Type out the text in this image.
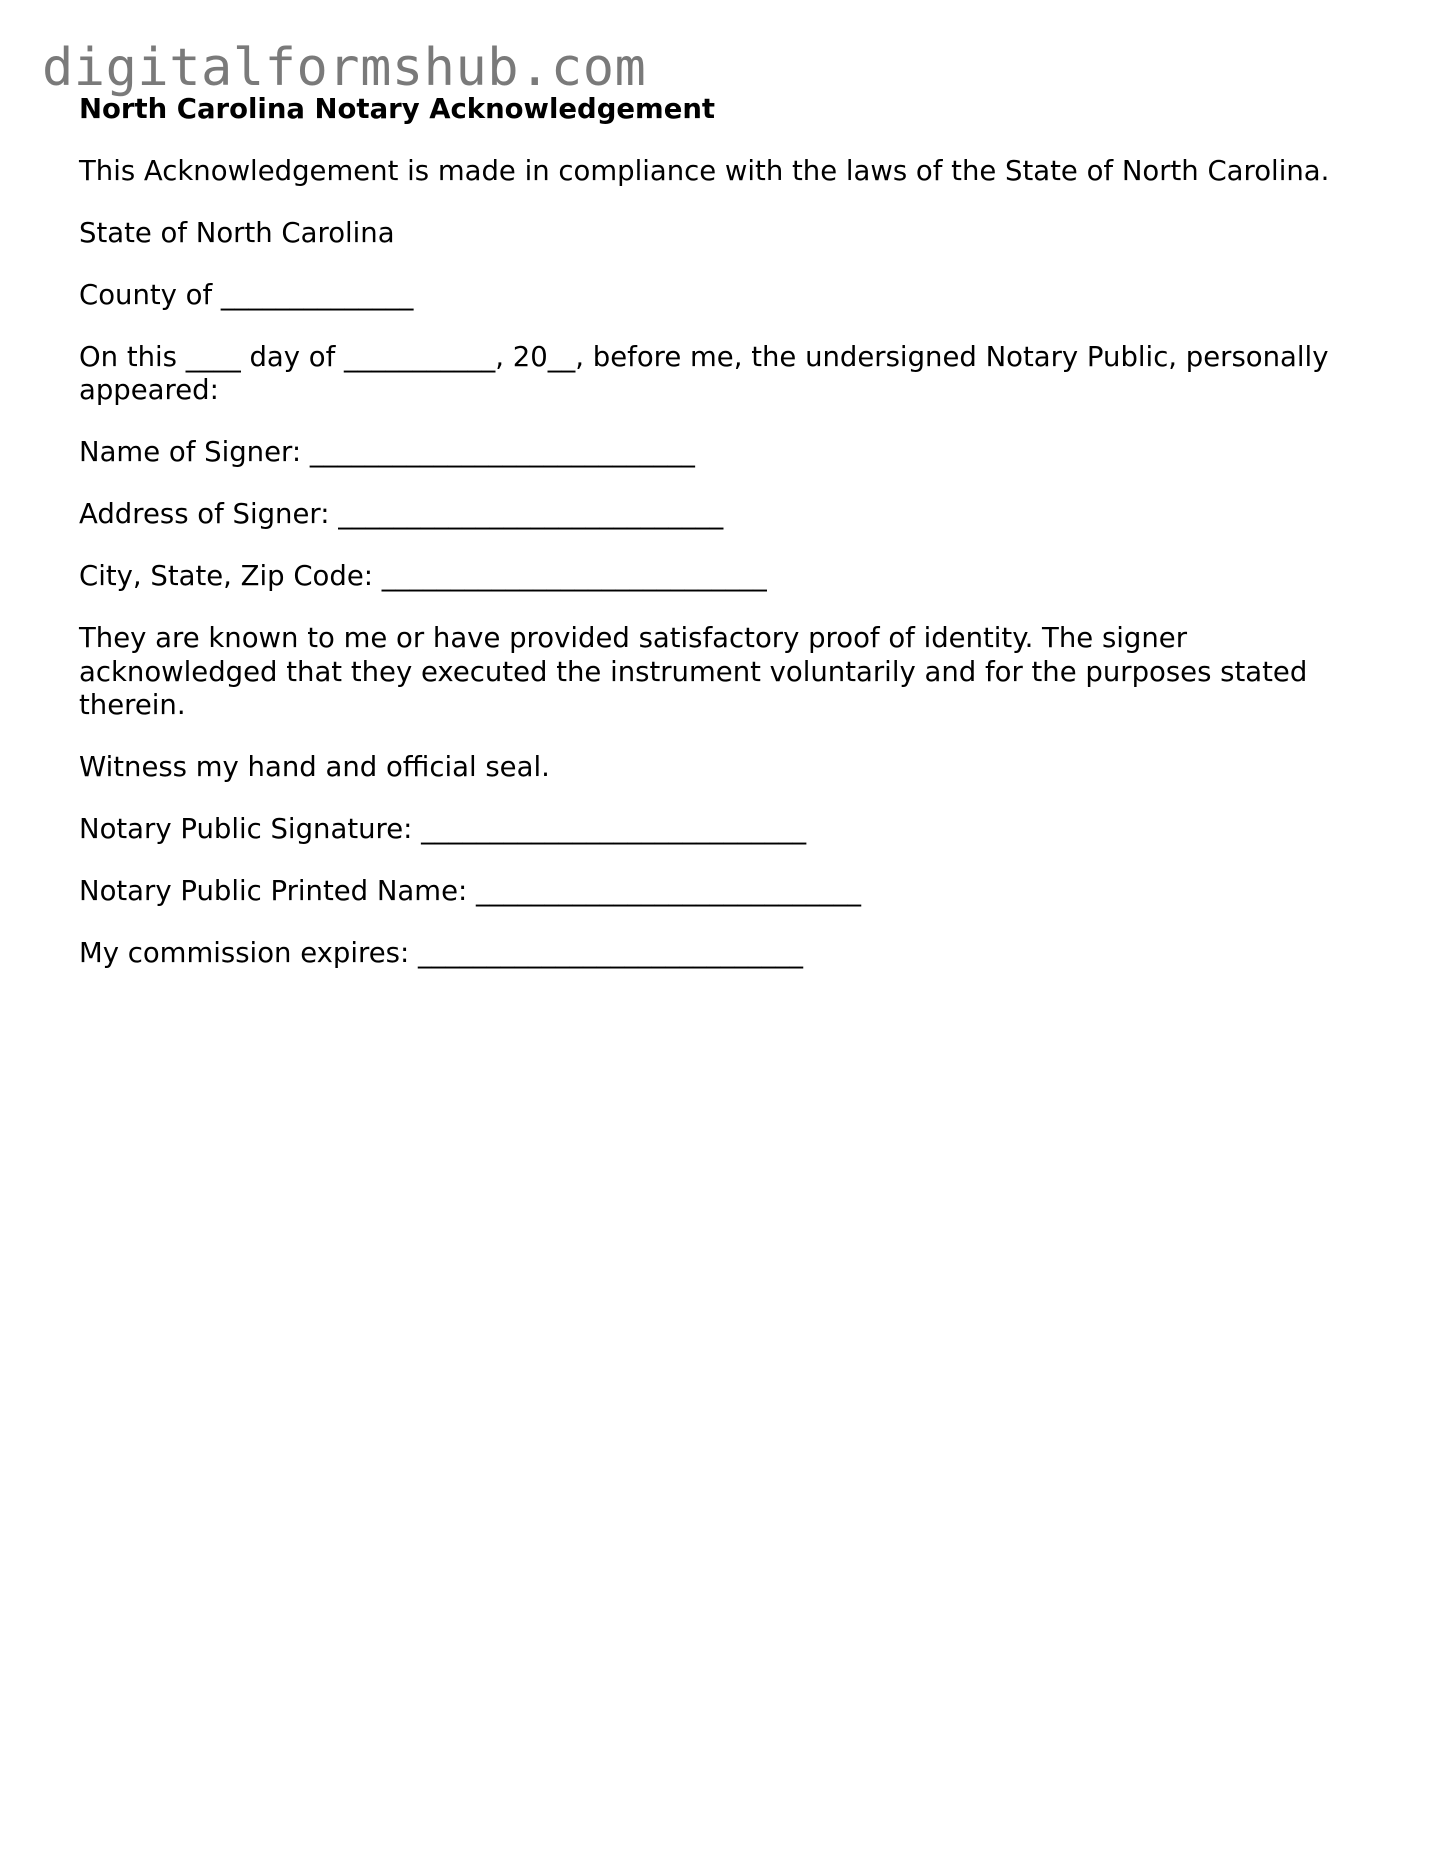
digitalformshub.com
North Carolina Notary Acknowledgement
This Acknowledgement is made in compliance with the laws of the State of North Carolina.
State of North Carolina
County of ______________
On this ____ day of ___________, 20__, before me, the undersigned Notary Public, personally appeared:
Name of Signer: ____________________________
Address of Signer: ____________________________
City, State, Zip Code: ____________________________
They are known to me or have provided satisfactory proof of identity. The signer acknowledged that they executed the instrument voluntarily and for the purposes stated therein.
Witness my hand and official seal.
Notary Public Signature: ____________________________
Notary Public Printed Name: ____________________________
My commission expires: ____________________________
